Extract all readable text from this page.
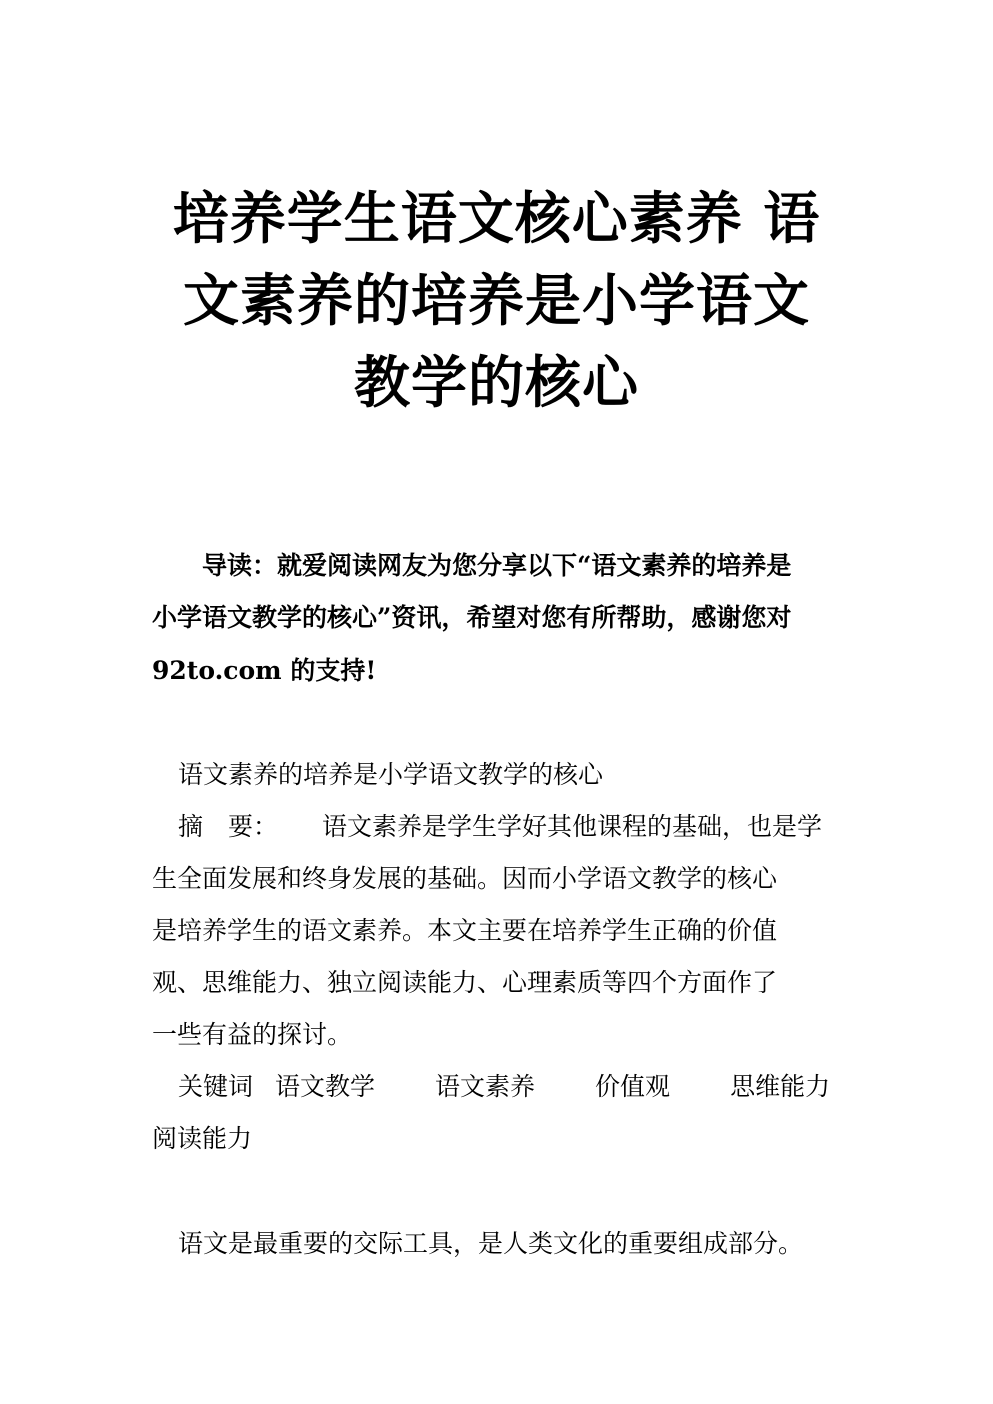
培养学生语文核心素养 语
文素养的培养是小学语文
教学的核心
导读：就爱阅读网友为您分享以下“语文素养的培养是
小学语文教学的核心”资讯，希望对您有所帮助，感谢您对
92to.com 的支持!
语文素养的培养是小学语文教学的核心
摘　要： 语文素养是学生学好其他课程的基础，也是学
生全面发展和终身发展的基础。因而小学语文教学的核心
是培养学生的语文素养。本文主要在培养学生正确的价值
观、思维能力、独立阅读能力、心理素质等四个方面作了
一些有益的探讨。
关键词 语文教学 语文素养 价值观 思维能力
阅读能力
语文是最重要的交际工具，是人类文化的重要组成部分。
